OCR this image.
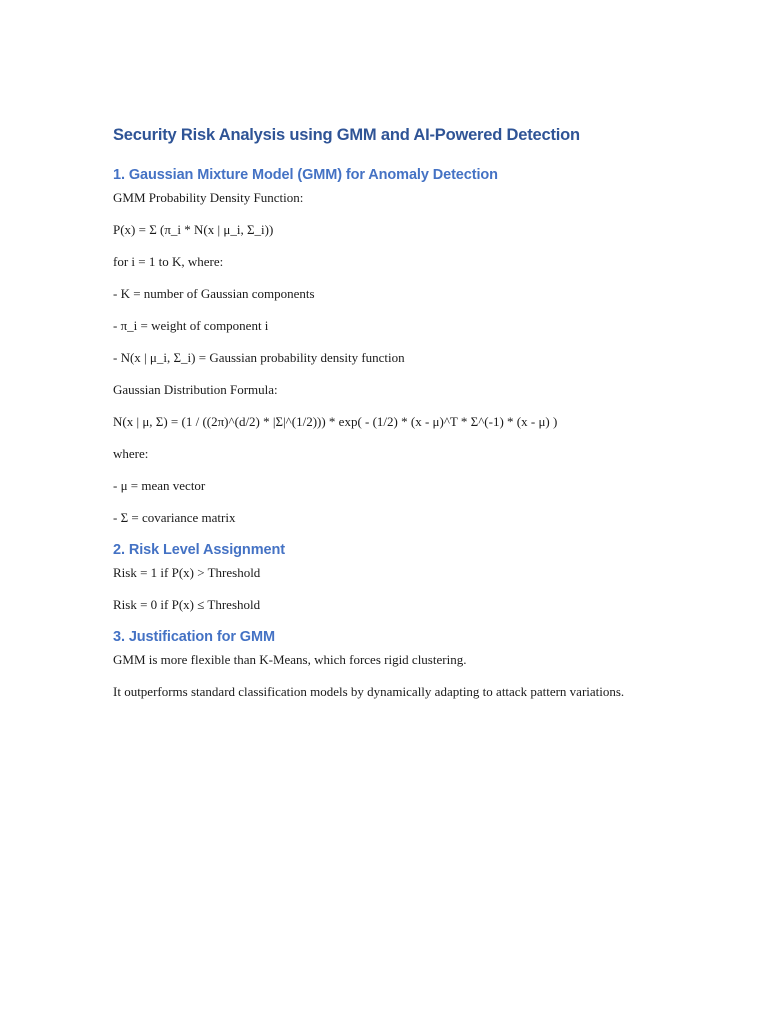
Security Risk Analysis using GMM and AI-Powered Detection
1. Gaussian Mixture Model (GMM) for Anomaly Detection

GMM Probability Density Function:

P(x) = Σ (π_i * N(x | μ_i, Σ_i))

for i = 1 to K, where:

- K = number of Gaussian components

- π_i = weight of component i

- N(x | μ_i, Σ_i) = Gaussian probability density function

Gaussian Distribution Formula:

N(x | μ, Σ) = (1 / ((2π)^(d/2) * |Σ|^(1/2))) * exp( - (1/2) * (x - μ)^T * Σ^(-1) * (x - μ) )

where:

- μ = mean vector

- Σ = covariance matrix

2. Risk Level Assignment

Risk = 1 if P(x) > Threshold

Risk = 0 if P(x) ≤ Threshold

3. Justification for GMM

GMM is more flexible than K-Means, which forces rigid clustering.

It outperforms standard classification models by dynamically adapting to attack pattern variations.
